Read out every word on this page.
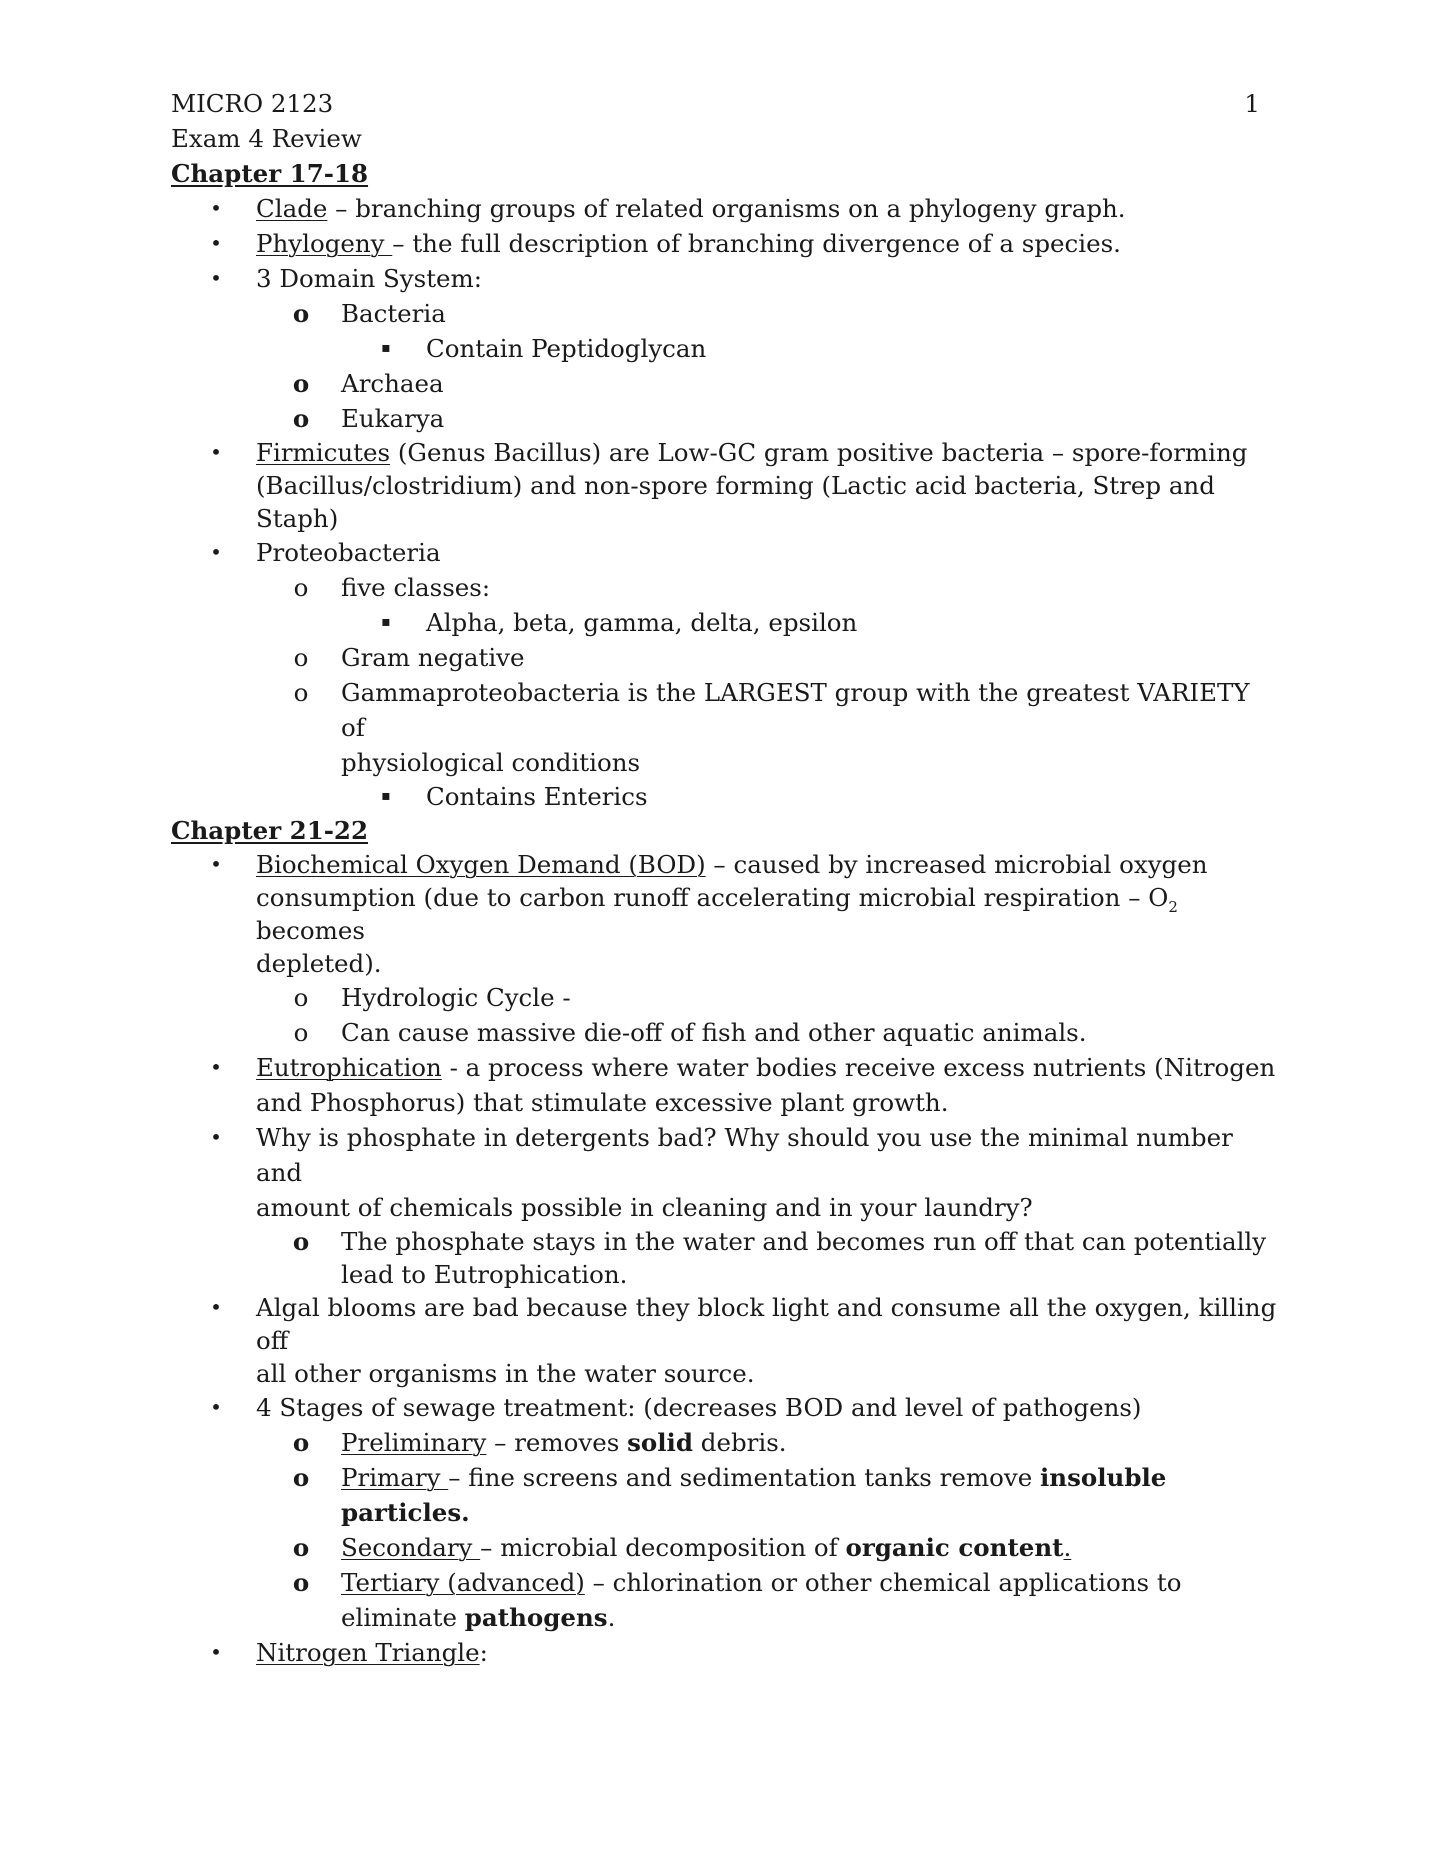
MICRO 2123	1
Exam 4 Review
Chapter 17-18
•	Clade – branching groups of related organisms on a phylogeny graph.
•	Phylogeny – the full description of branching divergence of a species.
•	3 Domain System:
o Bacteria
▪	Contain Peptidoglycan
o Archaea
o Eukarya
•	Firmicutes (Genus Bacillus) are Low-GC gram positive bacteria – spore-forming
(Bacillus/clostridium) and non-spore forming (Lactic acid bacteria, Strep and Staph)
•	Proteobacteria
o	five classes:
▪	Alpha, beta, gamma, delta, epsilon
o	Gram negative
o	Gammaproteobacteria is the LARGEST group with the greatest VARIETY of
physiological conditions
▪	Contains Enterics
Chapter 21-22
•	Biochemical Oxygen Demand (BOD) – caused by increased microbial oxygen
consumption (due to carbon runoff accelerating microbial respiration – $O_2$ becomes
depleted).
o	Hydrologic Cycle -
o	Can cause massive die-off of fish and other aquatic animals.
•	Eutrophication - a process where water bodies receive excess nutrients (Nitrogen
and Phosphorus) that stimulate excessive plant growth.
•	Why is phosphate in detergents bad? Why should you use the minimal number and
amount of chemicals possible in cleaning and in your laundry?
o The phosphate stays in the water and becomes run off that can potentially
lead to Eutrophication.
•	Algal blooms are bad because they block light and consume all the oxygen, killing off
all other organisms in the water source.
•	4 Stages of sewage treatment: (decreases BOD and level of pathogens)
o Preliminary – removes solid debris.
o Primary – fine screens and sedimentation tanks remove insoluble particles.
o Secondary – microbial decomposition of organic content.
o Tertiary (advanced) – chlorination or other chemical applications to
eliminate pathogens.
•	Nitrogen Triangle:
